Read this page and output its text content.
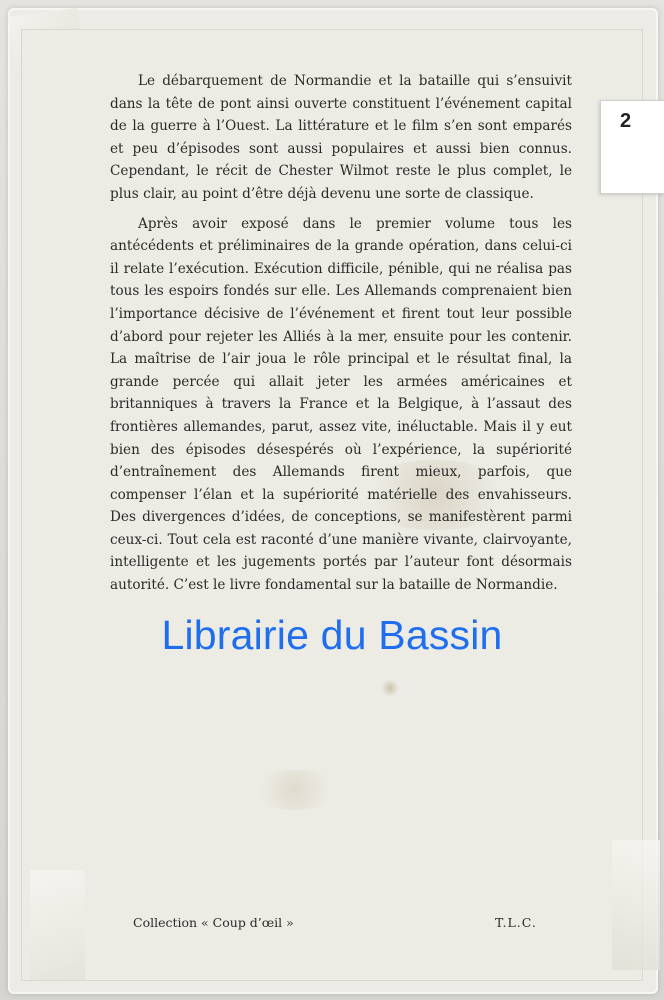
2

Le débarquement de Normandie et la bataille qui s’ensuivit dans la tête de pont ainsi ouverte constituent l’événement capital de la guerre à l’Ouest. La littérature et le film s’en sont emparés et peu d’épisodes sont aussi populaires et aussi bien connus. Cependant, le récit de Chester Wilmot reste le plus complet, le plus clair, au point d’être déjà devenu une sorte de classique.

Après avoir exposé dans le premier volume tous les antécédents et préliminaires de la grande opération, dans celui-ci il relate l’exécution. Exécution difficile, pénible, qui ne réalisa pas tous les espoirs fondés sur elle. Les Allemands comprenaient bien l’importance décisive de l’événement et firent tout leur possible d’abord pour rejeter les Alliés à la mer, ensuite pour les contenir. La maîtrise de l’air joua le rôle principal et le résultat final, la grande percée qui allait jeter les armées américaines et britanniques à travers la France et la Belgique, à l’assaut des frontières allemandes, parut, assez vite, inéluctable. Mais il y eut bien des épisodes désespérés où l’expérience, la supériorité d’entraînement des Allemands firent mieux, parfois, que compenser l’élan et la supériorité matérielle des envahisseurs. Des divergences d’idées, de conceptions, se manifestèrent parmi ceux-ci. Tout cela est raconté d’une manière vivante, clairvoyante, intelligente et les jugements portés par l’auteur font désormais autorité. C’est le livre fondamental sur la bataille de Normandie.

Librairie du Bassin
Collection « Coup d’œil »	T.L.C.
